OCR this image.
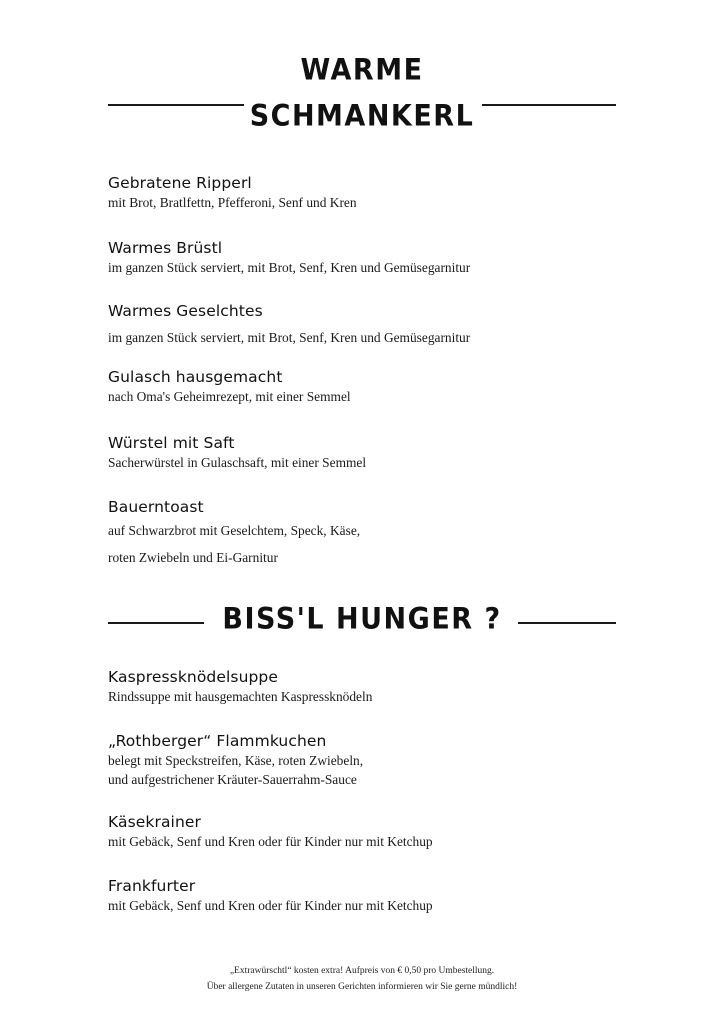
WARME
SCHMANKERL
Gebratene Ripperl
mit Brot, Bratlfettn, Pfefferoni, Senf und Kren
Warmes Brüstl
im ganzen Stück serviert, mit Brot, Senf, Kren und Gemüsegarnitur
Warmes Geselchtes
im ganzen Stück serviert, mit Brot, Senf, Kren und Gemüsegarnitur
Gulasch hausgemacht
nach Oma's Geheimrezept, mit einer Semmel
Würstel mit Saft
Sacherwürstel in Gulaschsaft, mit einer Semmel
Bauerntoast
auf Schwarzbrot mit Geselchtem, Speck, Käse,
roten Zwiebeln und Ei-Garnitur
BISS'L HUNGER ?
Kaspressknödelsuppe
Rindssuppe mit hausgemachten Kaspressknödeln
„Rothberger“ Flammkuchen
belegt mit Speckstreifen, Käse, roten Zwiebeln,
und aufgestrichener Kräuter-Sauerrahm-Sauce
Käsekrainer
mit Gebäck, Senf und Kren oder für Kinder nur mit Ketchup
Frankfurter
mit Gebäck, Senf und Kren oder für Kinder nur mit Ketchup
„Extrawürschtl“ kosten extra! Aufpreis von € 0,50 pro Umbestellung.
Über allergene Zutaten in unseren Gerichten informieren wir Sie gerne mündlich!
